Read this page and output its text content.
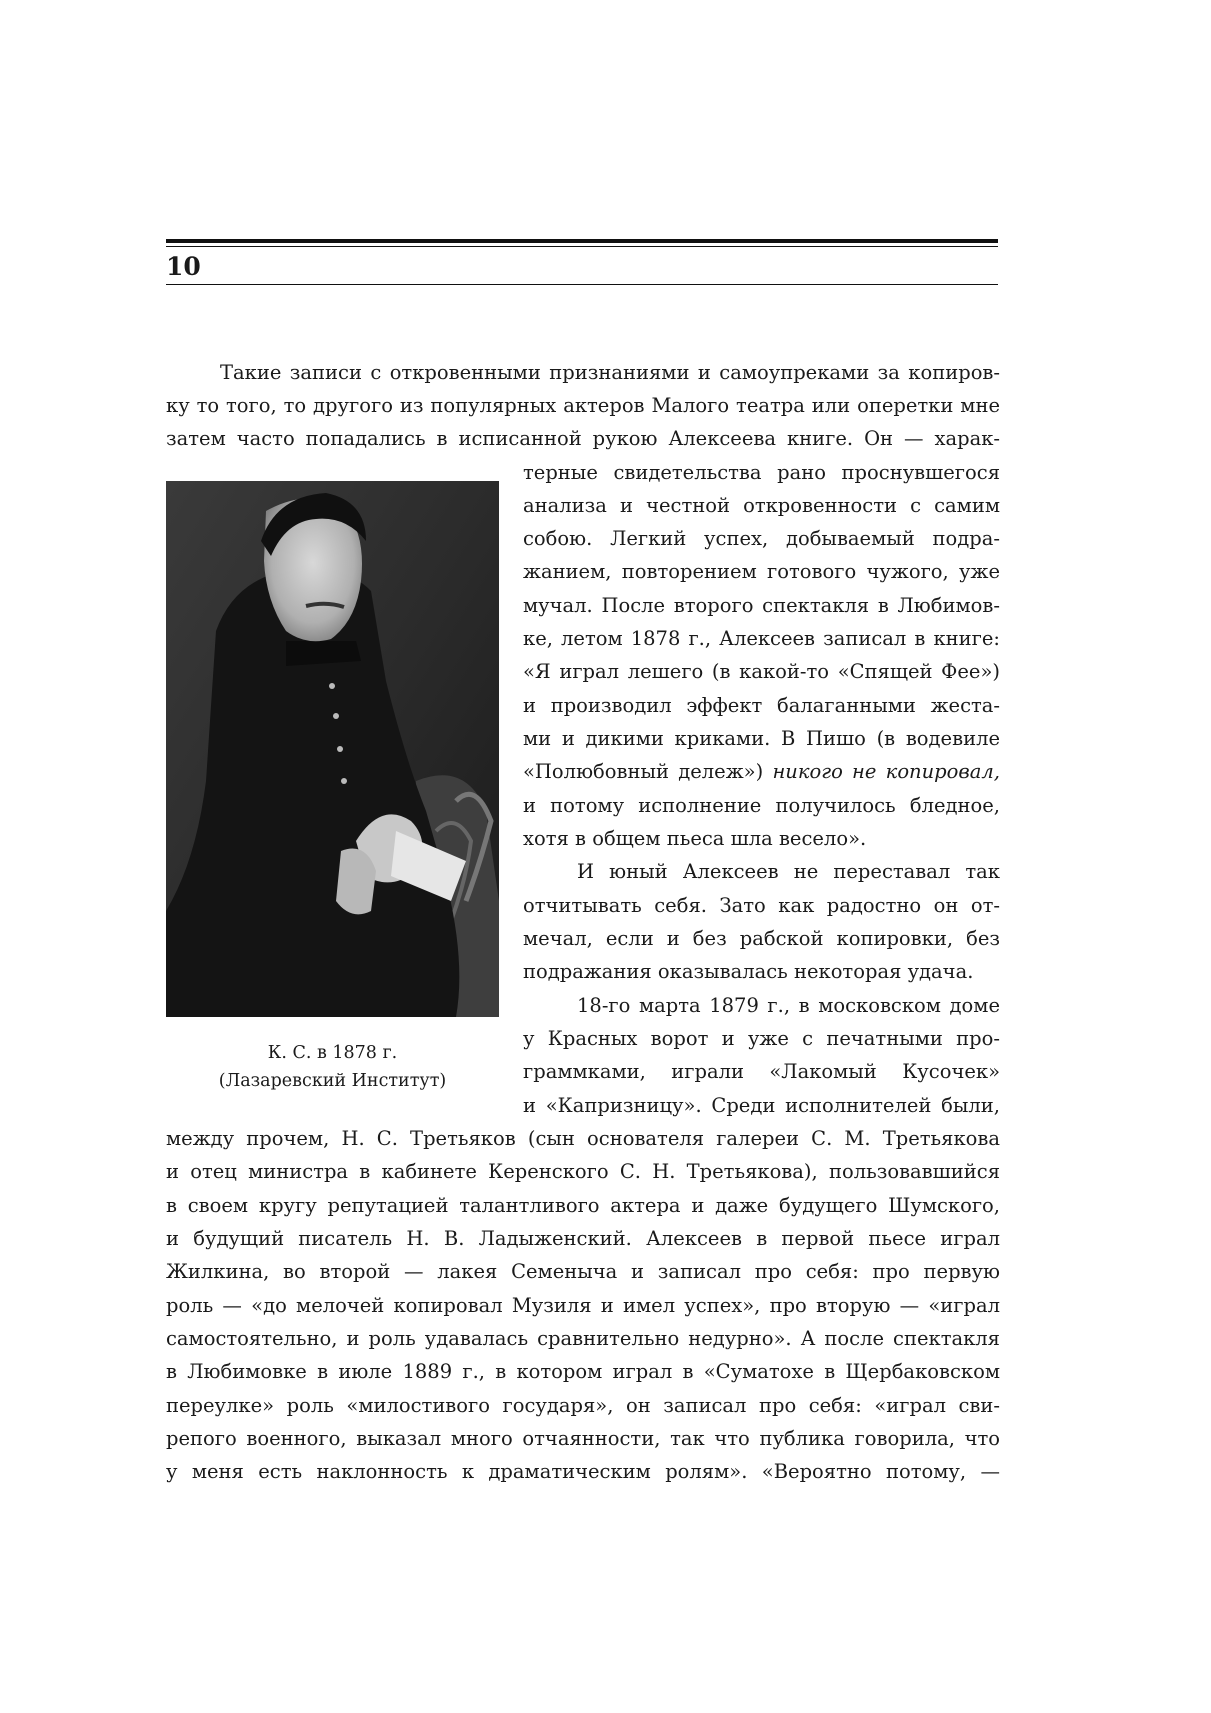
10
Такие записи с откровенными признаниями и самоупреками за копиров-
ку то того, то другого из популярных актеров Малого театра или оперетки мне
затем часто попадались в исписанной рукою Алексеева книге. Он — харак-
К. С. в 1878 г.
(Лазаревский Институт)
терные свидетельства рано проснувшегося
анализа и честной откровенности с самим
собою. Легкий успех, добываемый подра-
жанием, повторением готового чужого, уже
мучал. После второго спектакля в Любимов-
ке, летом 1878 г., Алексеев записал в книге:
«Я играл лешего (в какой-то «Спящей Фее»)
и производил эффект балаганными жеста-
ми и дикими криками. В Пишо (в водевиле
«Полюбовный дележ») никого не копировал,
и потому исполнение получилось бледное,
хотя в общем пьеса шла весело».
И юный Алексеев не переставал так
отчитывать себя. Зато как радостно он от-
мечал, если и без рабской копировки, без
подражания оказывалась некоторая удача.
18-го марта 1879 г., в московском доме
у Красных ворот и уже с печатными про-
граммками, играли «Лакомый Кусочек»
и «Капризницу». Среди исполнителей были,
между прочем, Н. С. Третьяков (сын основателя галереи С. М. Третьякова
и отец министра в кабинете Керенского С. Н. Третьякова), пользовавшийся
в своем кругу репутацией талантливого актера и даже будущего Шумского,
и будущий писатель Н. В. Ладыженский. Алексеев в первой пьесе играл
Жилкина, во второй — лакея Семеныча и записал про себя: про первую
роль — «до мелочей копировал Музиля и имел успех», про вторую — «играл
самостоятельно, и роль удавалась сравнительно недурно». А после спектакля
в Любимовке в июле 1889 г., в котором играл в «Суматохе в Щербаковском
переулке» роль «милостивого государя», он записал про себя: «играл сви-
репого военного, выказал много отчаянности, так что публика говорила, что
у меня есть наклонность к драматическим ролям». «Вероятно потому, —
